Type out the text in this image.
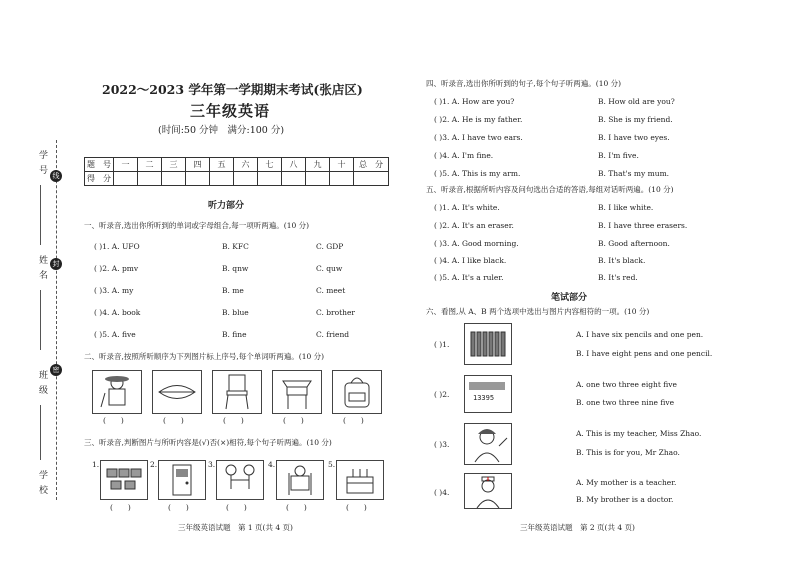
学号
姓名
班级
学校
线
封
密
2022～2023 学年第一学期期末考试(张店区)
三年级英语
(时间:50 分钟　满分:100 分)
题　号	一	二	三	四	五	六	七	八	九	十	总　分
得　分											
听力部分
一、听录音,选出你所听到的单词或字母组合,每一项听两遍。(10 分)
( )1. A. UFO	B. KFC	C. GDP
( )2. A. pmv	B. qnw	C. quw
( )3. A. my	B. me	C. meet
( )4. A. book	B. blue	C. brother
( )5. A. five	B. fine	C. friend
二、听录音,按照所听顺序为下列图片标上序号,每个单词听两遍。(10 分)
(　　)	(　　)	(　　)	(　　)	(　　)
三、听录音,判断图片与所听内容是(√)否(×)相符,每个句子听两遍。(10 分)
1.	2.	3.	4.	5.
(　　)	(　　)	(　　)	(　　)	(　　)
三年级英语试题　第 1 页(共 4 页)
四、听录音,选出你所听到的句子,每个句子听两遍。(10 分)
( )1. A. How are you?	B. How old are you?
( )2. A. He is my father.	B. She is my friend.
( )3. A. I have two ears.	B. I have two eyes.
( )4. A. I'm fine.	B. I'm five.
( )5. A. This is my arm.	B. That's my mum.
五、听录音,根据所听内容及问句选出合适的答语,每组对话听两遍。(10 分)
( )1. A. It's white.	B. I like white.
( )2. A. It's an eraser.	B. I have three erasers.
( )3. A. Good morning.	B. Good afternoon.
( )4. A. I like black.	B. It's black.
( )5. A. It's a ruler.	B. It's red.
笔试部分
六、看图,从 A、B 两个选项中选出与图片内容相符的一项。(10 分)
( )1.
A. I have six pencils and one pen.
B. I have eight pens and one pencil.
( )2.	13395
A. one two three eight five
B. one two three nine five
( )3.
A. This is my teacher, Miss Zhao.
B. This is for you, Mr Zhao.
( )4.
A. My mother is a teacher.
B. My brother is a doctor.
三年级英语试题　第 2 页(共 4 页)
